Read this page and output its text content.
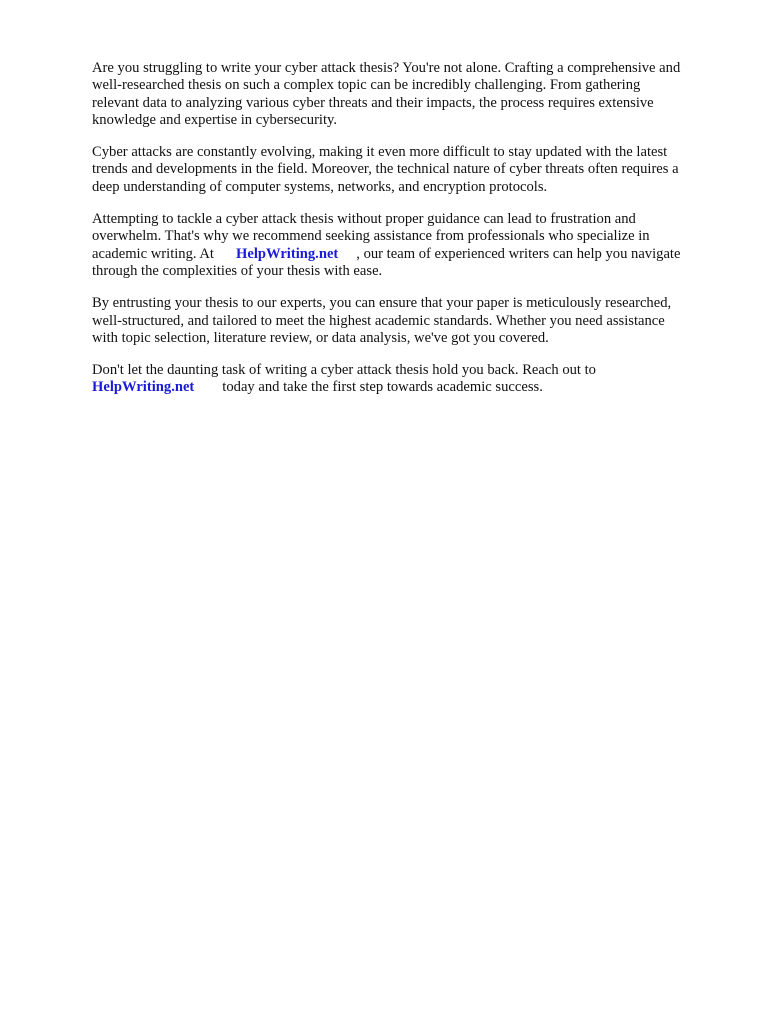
Are you struggling to write your cyber attack thesis? You're not alone. Crafting a comprehensive and
well-researched thesis on such a complex topic can be incredibly challenging. From gathering
relevant data to analyzing various cyber threats and their impacts, the process requires extensive
knowledge and expertise in cybersecurity.

Cyber attacks are constantly evolving, making it even more difficult to stay updated with the latest
trends and developments in the field. Moreover, the technical nature of cyber threats often requires a
deep understanding of computer systems, networks, and encryption protocols.

Attempting to tackle a cyber attack thesis without proper guidance can lead to frustration and
overwhelm. That's why we recommend seeking assistance from professionals who specialize in
academic writing. At HelpWriting.net , our team of experienced writers can help you navigate
through the complexities of your thesis with ease.

By entrusting your thesis to our experts, you can ensure that your paper is meticulously researched,
well-structured, and tailored to meet the highest academic standards. Whether you need assistance
with topic selection, literature review, or data analysis, we've got you covered.

Don't let the daunting task of writing a cyber attack thesis hold you back. Reach out to
HelpWriting.net today and take the first step towards academic success.
